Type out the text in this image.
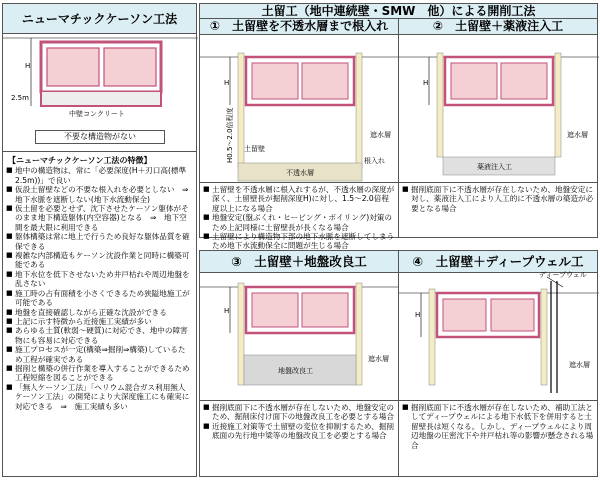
ニューマチックケーソン工法
H
2.5m
中壁コンクリート
不要な構造物がない
【ニューマチックケーソン工法の特徴】
■ 地中の構造物は、常に「必要深度(H＋刃口高(標準2.5m))」で良い
■ 仮設土留壁などの不要な根入れを必要としない　⇒　地下水脈を遮断しない(地下水流動保全)
■ 仮土留を必要とせず、沈下させたケーソン躯体がそのまま地下構造躯体(内空容器)となる　⇒　地下空間を最大限に利用できる
■ 躯体構築は常に地上で行うため良好な躯体品質を確保できる
■ 複雑な内部構造もケーソン沈設作業と同時に構築可能である
■ 地下水位を低下させないため井戸枯れや周辺地盤を乱さない
■ 施工時の占有面積を小さくできるため狭隘地施工が可能である
■ 地盤を直接確認しながら正確な沈設ができる
■ 上記に示す特徴から近接施工実績が多い
■ あらゆる土質(軟弱～硬質)に対応でき、地中の障害物にも容易に対応できる
■ 施工プロセスが一定(構築⇒掘削⇒構築)しているため工程が確実である
■ 掘削と構築の併行作業を導入することができるため工程短縮を図ることができる
■ 「無人ケーソン工法」「ヘリウム混合ガス利用無人ケーソン工法」の開発により大深度施工にも確実に対応できる　⇒　施工実績も多い
土留工（地中連続壁・SMW　他）による開削工法
①　土留壁を不透水層まで根入れ
不透水層
H
H0.5～2.0倍程度	遮水層
根入れ
土留壁
■ 土留壁を不透水層に根入れするが、不透水層の深度が深く、土留壁長が掘削深度H)に対し、1.5～2.0倍程度以上になる場合
■ 地盤安定(盤ぶくれ・ヒービング・ボイリング)対策のため上記同様に土留壁長が長くなる場合
■ 土留壁により構造物下部の地下水脈を遮断してしまうため地下水流動保全に問題が生じる場合
②　土留壁＋薬液注入工
薬液注入工
H
遮水層
■ 掘削底面下に不透水層が存在しないため、地盤安定に対し、薬液注入工により人工的に不透水層の築造が必要となる場合
③　土留壁＋地盤改良工
地盤改良工
H
遮水層
■ 掘削底面下に不透水層が存在しないため、地盤安定のため、掘削床付け面下の地盤改良工を必要とする場合
■ 近接施工対策等で土留壁の変位を抑制するため、掘削底面の先行地中梁等の地盤改良工を必要とする場合
④　土留壁＋ディープウェル工
ディープウェル
H
遮水層
■ 掘削底面下に不透水層が存在しないため、補助工法としてディープウェルによる地下水低下を併用すると土留壁長は短くなる。しかし、ディープウェルにより周辺地盤の圧密沈下や井戸枯れ等の影響が懸念される場合
